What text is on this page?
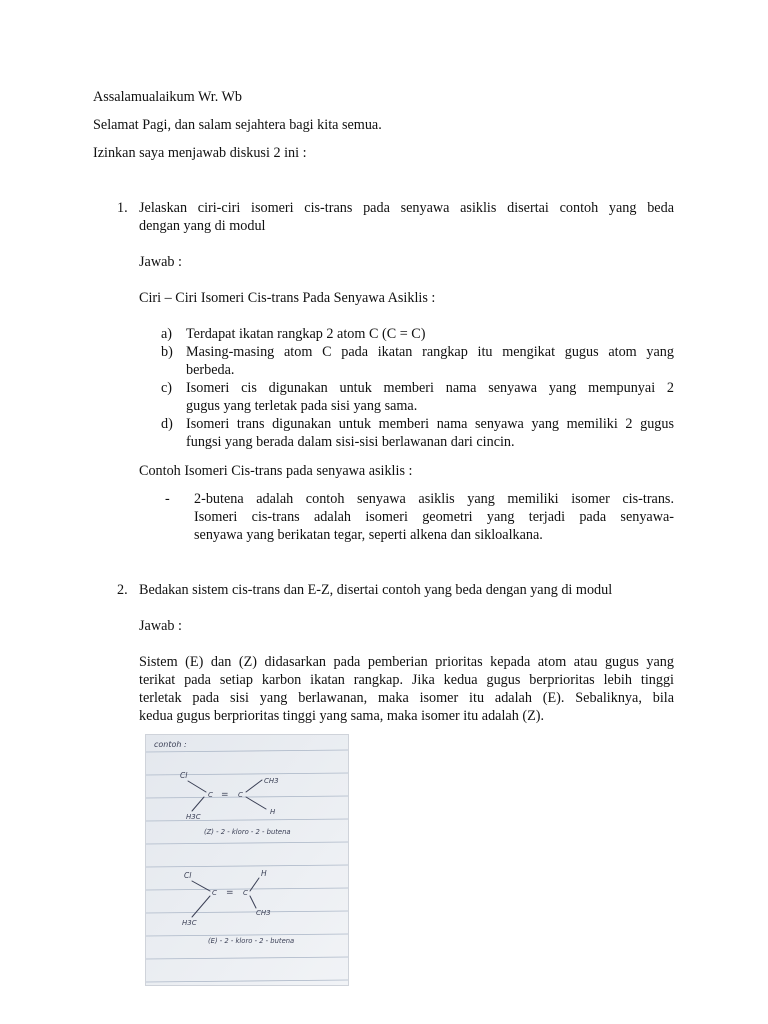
Assalamualaikum Wr. Wb
Selamat Pagi, dan salam sejahtera bagi kita semua.
Izinkan saya menjawab diskusi 2 ini :
1. Jelaskan ciri-ciri isomeri cis-trans pada senyawa asiklis disertai contoh yang beda
dengan yang di modul
Jawab :
Ciri – Ciri Isomeri Cis-trans Pada Senyawa Asiklis :
a) Terdapat ikatan rangkap 2 atom C (C = C)
b) Masing-masing atom C pada ikatan rangkap itu mengikat gugus atom yang
berbeda.
c) Isomeri cis digunakan untuk memberi nama senyawa yang mempunyai 2
gugus yang terletak pada sisi yang sama.
d) Isomeri trans digunakan untuk memberi nama senyawa yang memiliki 2 gugus
fungsi yang berada dalam sisi-sisi berlawanan dari cincin.
Contoh Isomeri Cis-trans pada senyawa asiklis :
-	2-butena adalah contoh senyawa asiklis yang memiliki isomer cis-trans.
Isomeri cis-trans adalah isomeri geometri yang terjadi pada senyawa-
senyawa yang berikatan tegar, seperti alkena dan sikloalkana.
2. Bedakan sistem cis-trans dan E-Z, disertai contoh yang beda dengan yang di modul
Jawab :
Sistem (E) dan (Z) didasarkan pada pemberian prioritas kepada atom atau gugus yang
terikat pada setiap karbon ikatan rangkap. Jika kedua gugus berprioritas lebih tinggi
terletak pada sisi yang berlawanan, maka isomer itu adalah (E). Sebaliknya, bila
kedua gugus berprioritas tinggi yang sama, maka isomer itu adalah (Z).
contoh :
Cl
CH3
H3C
H
C = C
(Z) - 2 - kloro - 2 - butena
Cl	H
H3C
CH3
C = C
(E) - 2 - kloro - 2 - butena
